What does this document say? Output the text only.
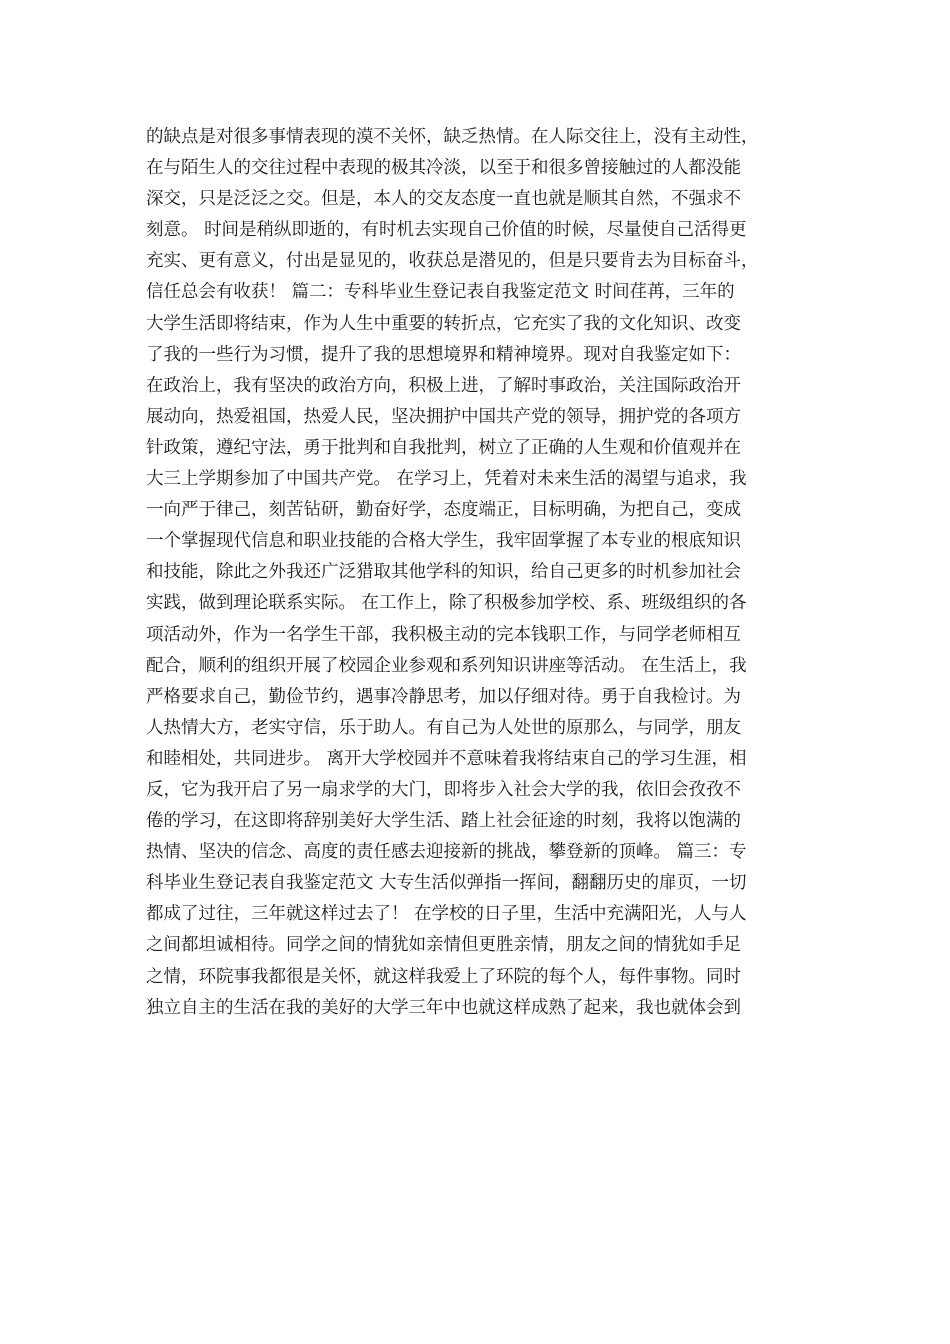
的缺点是对很多事情表现的漠不关怀，缺乏热情。在人际交往上，没有主动性，
在与陌生人的交往过程中表现的极其冷淡，以至于和很多曾接触过的人都没能
深交，只是泛泛之交。但是，本人的交友态度一直也就是顺其自然，不强求不
刻意。 时间是稍纵即逝的，有时机去实现自己价值的时候，尽量使自己活得更
充实、更有意义，付出是显见的，收获总是潜见的，但是只要肯去为目标奋斗，
信任总会有收获！ 篇二：专科毕业生登记表自我鉴定范文 时间荏苒，三年的
大学生活即将结束，作为人生中重要的转折点，它充实了我的文化知识、改变
了我的一些行为习惯，提升了我的思想境界和精神境界。现对自我鉴定如下：
在政治上，我有坚决的政治方向，积极上进，了解时事政治，关注国际政治开
展动向，热爱祖国，热爱人民，坚决拥护中国共产党的领导，拥护党的各项方
针政策，遵纪守法，勇于批判和自我批判，树立了正确的人生观和价值观并在
大三上学期参加了中国共产党。 在学习上，凭着对未来生活的渴望与追求，我
一向严于律己，刻苦钻研，勤奋好学，态度端正，目标明确，为把自己，变成
一个掌握现代信息和职业技能的合格大学生，我牢固掌握了本专业的根底知识
和技能，除此之外我还广泛猎取其他学科的知识，给自己更多的时机参加社会
实践，做到理论联系实际。 在工作上，除了积极参加学校、系、班级组织的各
项活动外，作为一名学生干部，我积极主动的完本钱职工作，与同学老师相互
配合，顺利的组织开展了校园企业参观和系列知识讲座等活动。 在生活上，我
严格要求自己，勤俭节约，遇事冷静思考，加以仔细对待。勇于自我检讨。为
人热情大方，老实守信，乐于助人。有自己为人处世的原那么，与同学，朋友
和睦相处，共同进步。 离开大学校园并不意味着我将结束自己的学习生涯，相
反，它为我开启了另一扇求学的大门，即将步入社会大学的我，依旧会孜孜不
倦的学习，在这即将辞别美好大学生活、踏上社会征途的时刻，我将以饱满的
热情、坚决的信念、高度的责任感去迎接新的挑战，攀登新的顶峰。 篇三：专
科毕业生登记表自我鉴定范文 大专生活似弹指一挥间，翻翻历史的扉页，一切
都成了过往，三年就这样过去了！ 在学校的日子里，生活中充满阳光，人与人
之间都坦诚相待。同学之间的情犹如亲情但更胜亲情，朋友之间的情犹如手足
之情，环院事我都很是关怀，就这样我爱上了环院的每个人，每件事物。同时
独立自主的生活在我的美好的大学三年中也就这样成熟了起来，我也就体会到
